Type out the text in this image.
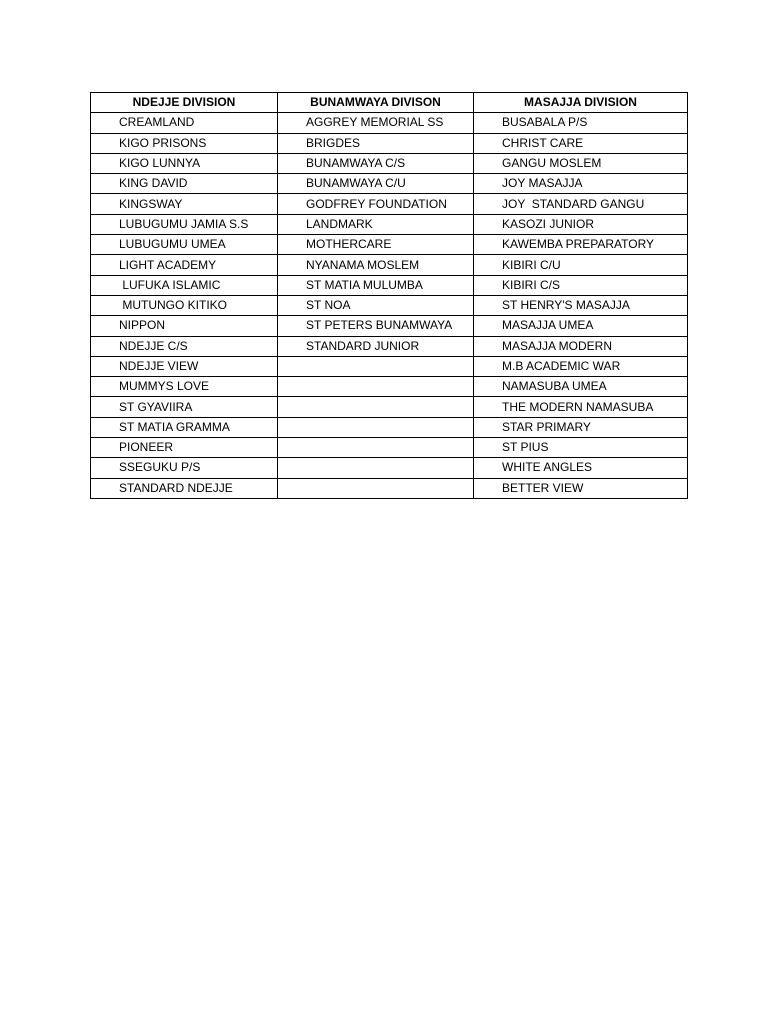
NDEJJE DIVISION	BUNAMWAYA DIVISON	MASAJJA DIVISION
CREAMLAND	AGGREY MEMORIAL SS	BUSABALA P/S
KIGO PRISONS	BRIGDES	CHRIST CARE
KIGO LUNNYA	BUNAMWAYA C/S	GANGU MOSLEM
KING DAVID	BUNAMWAYA C/U	JOY MASAJJA
KINGSWAY	GODFREY FOUNDATION	JOY  STANDARD GANGU
LUBUGUMU JAMIA S.S	LANDMARK	KASOZI JUNIOR
LUBUGUMU UMEA	MOTHERCARE	KAWEMBA PREPARATORY
LIGHT ACADEMY	NYANAMA MOSLEM	KIBIRI C/U
LUFUKA ISLAMIC	ST MATIA MULUMBA	KIBIRI C/S
MUTUNGO KITIKO	ST NOA	ST HENRY'S MASAJJA
NIPPON	ST PETERS BUNAMWAYA	MASAJJA UMEA
NDEJJE C/S	STANDARD JUNIOR	MASAJJA MODERN
NDEJJE VIEW		M.B ACADEMIC WAR
MUMMYS LOVE		NAMASUBA UMEA
ST GYAVIIRA		THE MODERN NAMASUBA
ST MATIA GRAMMA		STAR PRIMARY
PIONEER		ST PIUS
SSEGUKU P/S		WHITE ANGLES
STANDARD NDEJJE		BETTER VIEW
